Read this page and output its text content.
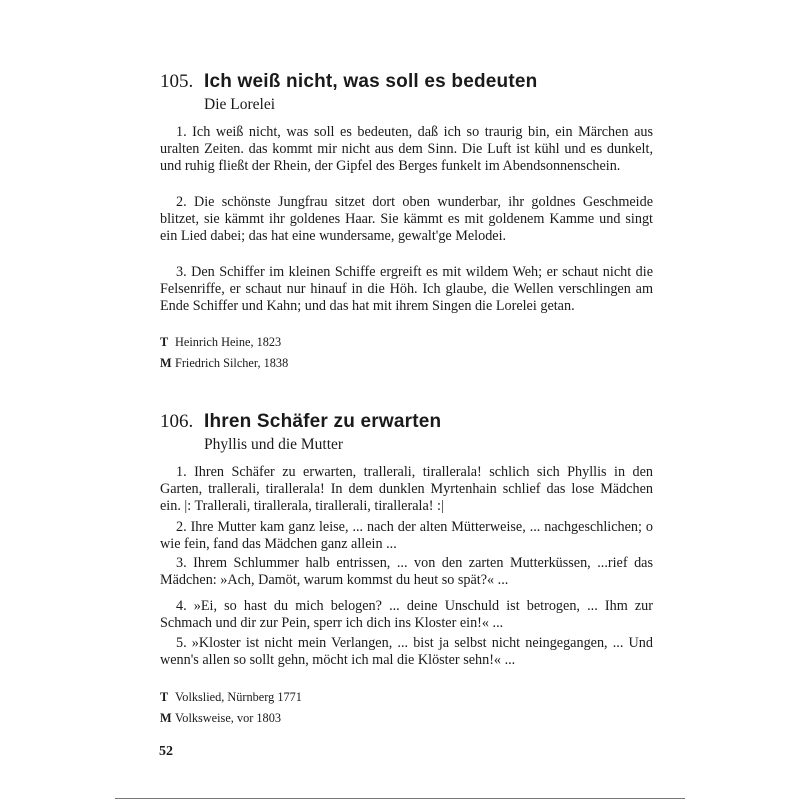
105. Ich weiß nicht, was soll es bedeuten
Die Lorelei

1. Ich weiß nicht, was soll es bedeuten, daß ich so traurig bin, ein Märchen aus uralten Zeiten. das kommt mir nicht aus dem Sinn. Die Luft ist kühl und es dunkelt, und ruhig fließt der Rhein, der Gipfel des Berges funkelt im Abendsonnenschein.

2. Die schönste Jungfrau sitzet dort oben wunderbar, ihr goldnes Geschmeide blitzet, sie kämmt ihr goldenes Haar. Sie kämmt es mit goldenem Kamme und singt ein Lied dabei; das hat eine wundersame, gewalt'ge Melodei.

3. Den Schiffer im kleinen Schiffe ergreift es mit wildem Weh; er schaut nicht die Felsenriffe, er schaut nur hinauf in die Höh. Ich glaube, die Wellen verschlingen am Ende Schiffer und Kahn; und das hat mit ihrem Singen die Lorelei getan.

T Heinrich Heine, 1823
M Friedrich Silcher, 1838
106. Ihren Schäfer zu erwarten
Phyllis und die Mutter

1. Ihren Schäfer zu erwarten, trallerali, tirallerala! schlich sich Phyllis in den Garten, trallerali, tirallerala! In dem dunklen Myrtenhain schlief das lose Mädchen ein. |: Trallerali, tirallerala, tirallerali, tirallerala! :|

2. Ihre Mutter kam ganz leise, ... nach der alten Mütterweise, ... nachgeschlichen; o wie fein, fand das Mädchen ganz allein ...

3. Ihrem Schlummer halb entrissen, ... von den zarten Mutterküssen, ...rief das Mädchen: »Ach, Damöt, warum kommst du heut so spät?« ...

4. »Ei, so hast du mich belogen? ... deine Unschuld ist betrogen, ... Ihm zur Schmach und dir zur Pein, sperr ich dich ins Kloster ein!« ...

5. »Kloster ist nicht mein Verlangen, ... bist ja selbst nicht neingegangen, ... Und wenn's allen so sollt gehn, möcht ich mal die Klöster sehn!« ...

T Volkslied, Nürnberg 1771
M Volksweise, vor 1803
52
